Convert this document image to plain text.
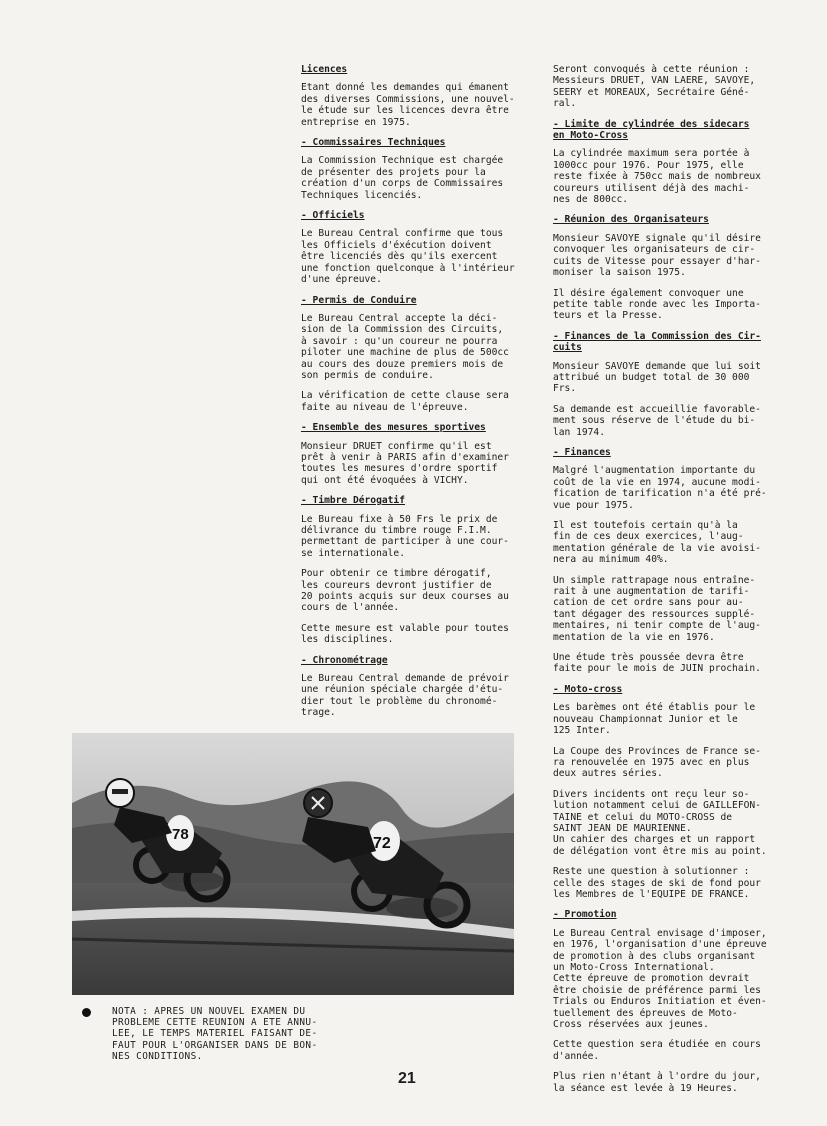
Licences

Etant donné les demandes qui émanent
des diverses Commissions, une nouvel-
le étude sur les licences devra être
entreprise en 1975.

- Commissaires Techniques

La Commission Technique est chargée
de présenter des projets pour la
création d'un corps de Commissaires
Techniques licenciés.

- Officiels

Le Bureau Central confirme que tous
les Officiels d'éxécution doivent
être licenciés dès qu'ils exercent
une fonction quelconque à l'intérieur
d'une épreuve.

- Permis de Conduire

Le Bureau Central accepte la déci-
sion de la Commission des Circuits,
à savoir : qu'un coureur ne pourra
piloter une machine de plus de 500cc
au cours des douze premiers mois de
son permis de conduire.

La vérification de cette clause sera
faite au niveau de l'épreuve.

- Ensemble des mesures sportives

Monsieur DRUET confirme qu'il est
prêt à venir à PARIS afin d'examiner
toutes les mesures d'ordre sportif
qui ont été évoquées à VICHY.

- Timbre Dérogatif

Le Bureau fixe à 50 Frs le prix de
délivrance du timbre rouge F.I.M.
permettant de participer à une cour-
se internationale.

Pour obtenir ce timbre dérogatif,
les coureurs devront justifier de
20 points acquis sur deux courses au
cours de l'année.

Cette mesure est valable pour toutes
les disciplines.

- Chronométrage

Le Bureau Central demande de prévoir
une réunion spéciale chargée d'étu-
dier tout le problème du chronomé-
trage.

Seront convoqués à cette réunion :
Messieurs DRUET, VAN LAERE, SAVOYE,
SEERY et MOREAUX, Secrétaire Géné-
ral.

- Limite de cylindrée des sidecars
en Moto-Cross

La cylindrée maximum sera portée à
1000cc pour 1976. Pour 1975, elle
reste fixée à 750cc mais de nombreux
coureurs utilisent déjà des machi-
nes de 800cc.

- Réunion des Organisateurs

Monsieur SAVOYE signale qu'il désire
convoquer les organisateurs de cir-
cuits de Vitesse pour essayer d'har-
moniser la saison 1975.

Il désire également convoquer une
petite table ronde avec les Importa-
teurs et la Presse.

- Finances de la Commission des Cir-
cuits

Monsieur SAVOYE demande que lui soit
attribué un budget total de 30 000
Frs.

Sa demande est accueillie favorable-
ment sous réserve de l'étude du bi-
lan 1974.

- Finances

Malgré l'augmentation importante du
coût de la vie en 1974, aucune modi-
fication de tarification n'a été pré-
vue pour 1975.

Il est toutefois certain qu'à la
fin de ces deux exercices, l'aug-
mentation générale de la vie avoisi-
nera au minimum 40%.

Un simple rattrapage nous entraîne-
rait à une augmentation de tarifi-
cation de cet ordre sans pour au-
tant dégager des ressources supplé-
mentaires, ni tenir compte de l'aug-
mentation de la vie en 1976.

Une étude très poussée devra être
faite pour le mois de JUIN prochain.

- Moto-cross

Les barèmes ont été établis pour le
nouveau Championnat Junior et le
125 Inter.

La Coupe des Provinces de France se-
ra renouvelée en 1975 avec en plus
deux autres séries.

Divers incidents ont reçu leur so-
lution notamment celui de GAILLEFON-
TAINE et celui du MOTO-CROSS de
SAINT JEAN DE MAURIENNE.
Un cahier des charges et un rapport
de délégation vont être mis au point.

Reste une question à solutionner :
celle des stages de ski de fond pour
les Membres de l'EQUIPE DE FRANCE.

- Promotion

Le Bureau Central envisage d'imposer,
en 1976, l'organisation d'une épreuve
de promotion à des clubs organisant
un Moto-Cross International.
Cette épreuve de promotion devrait
être choisie de préférence parmi les
Trials ou Enduros Initiation et éven-
tuellement des épreuves de Moto-
Cross réservées aux jeunes.

Cette question sera étudiée en cours
d'année.

Plus rien n'étant à l'ordre du jour,
la séance est levée à 19 Heures.

78
72
NOTA : APRES UN NOUVEL EXAMEN DU
PROBLEME CETTE REUNION A ETE ANNU-
LEE, LE TEMPS MATERIEL FAISANT DE-
FAUT POUR L'ORGANISER DANS DE BON-
NES CONDITIONS.
21
